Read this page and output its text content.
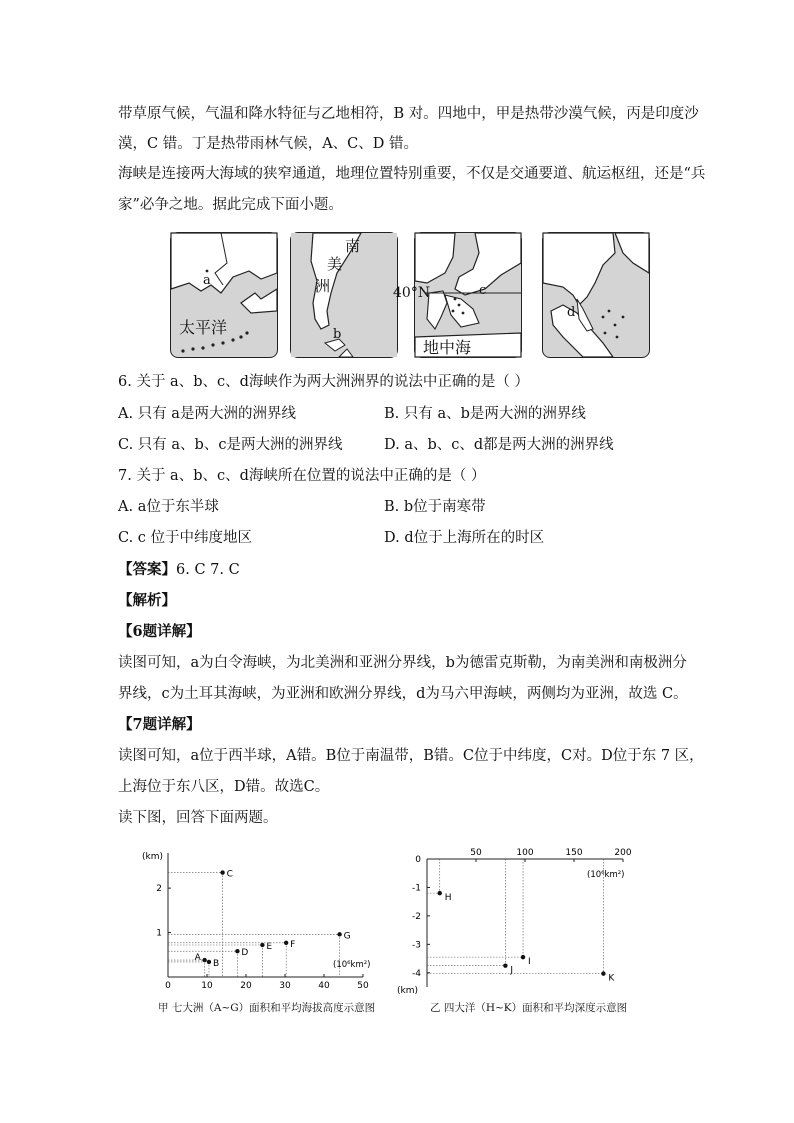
带草原气候，气温和降水特征与乙地相符，B 对。四地中，甲是热带沙漠气候，丙是印度沙
漠，C 错。丁是热带雨林气候，A、C、D 错。
海峡是连接两大海域的狭窄通道，地理位置特别重要，不仅是交通要道、航运枢纽，还是“兵
家”必争之地。据此完成下面小题。
a
太平洋
南
美
洲
b
40°N	c
地中海
d
6. 关于 a、b、c、d海峡作为两大洲洲界的说法中正确的是（ ）
A. 只有 a是两大洲的洲界线	B. 只有 a、b是两大洲的洲界线
C. 只有 a、b、c是两大洲的洲界线	D. a、b、c、d都是两大洲的洲界线
7. 关于 a、b、c、d海峡所在位置的说法中正确的是（ ）
A. a位于东半球	B. b位于南寒带
C. c 位于中纬度地区	D. d位于上海所在的时区
【答案】6. C 7. C
【解析】
【6题详解】
读图可知，a为白令海峡，为北美洲和亚洲分界线，b为德雷克斯勒，为南美洲和南极洲分
界线，c为土耳其海峡，为亚洲和欧洲分界线，d为马六甲海峡，两侧均为亚洲，故选 C。
【7题详解】
读图可知，a位于西半球，A错。B位于南温带，B错。C位于中纬度，C对。D位于东 7 区，
上海位于东八区，D错。故选C。
读下图，回答下面两题。
(km)
(10⁶km²)
0	10	20	30	40	50
1
2
A
B
C
D
E F
G
甲 七大洲（A~G）面积和平均海拔高度示意图
(km)
(10⁶km²)
50	100	150	200
0
-1
-2
-3
-4
H
I
J
K
乙 四大洋（H~K）面积和平均深度示意图
